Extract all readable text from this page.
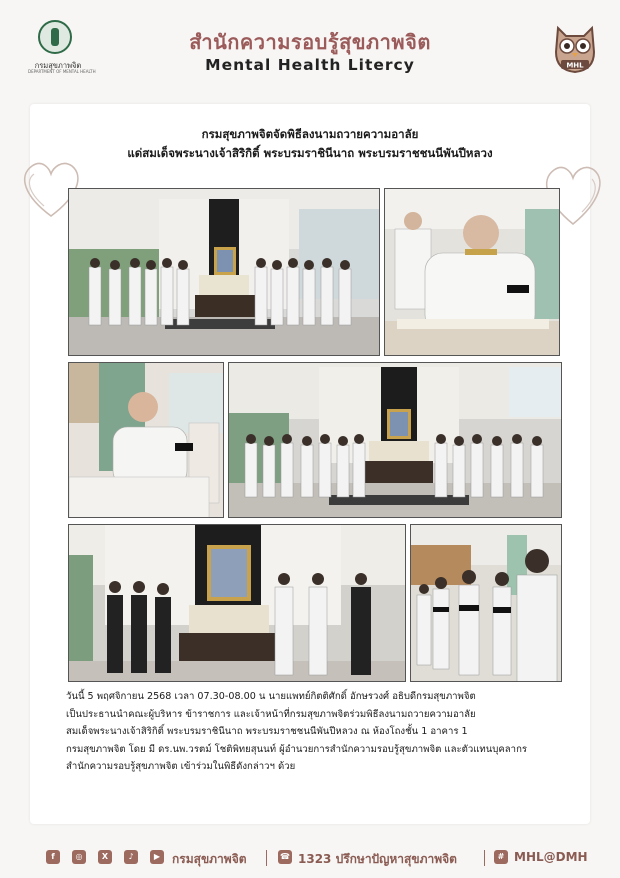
กรมสุขภาพจิต
DEPARTMENT OF MENTAL HEALTH
สำนักความรอบรู้สุขภาพจิต
Mental Health Litercy	MHL
กรมสุขภาพจิตจัดพิธีลงนามถวายความอาลัย
แด่สมเด็จพระนางเจ้าสิริกิติ์ พระบรมราชินีนาถ พระบรมราชชนนีพันปีหลวง
วันนี้ 5 พฤศจิกายน 2568 เวลา 07.30-08.00 น นายแพทย์กิตติศักดิ์ อักษรวงศ์ อธิบดีกรมสุขภาพจิต
เป็นประธานนำคณะผู้บริหาร ข้าราชการ และเจ้าหน้าที่กรมสุขภาพจิตร่วมพิธีลงนามถวายความอาลัย
สมเด็จพระนางเจ้าสิริกิติ์ พระบรมราชินีนาถ พระบรมราชชนนีพันปีหลวง ณ ห้องโถงชั้น 1 อาคาร 1
กรมสุขภาพจิต โดย มี ดร.นพ.วรตม์ โชติพิทยสุนนท์ ผู้อำนวยการสำนักความรอบรู้สุขภาพจิต และตัวแทนบุคลากร
สำนักความรอบรู้สุขภาพจิต เข้าร่วมในพิธีดังกล่าวฯ ด้วย
f	◎	X	♪	▶ กรมสุขภาพจิต	☎ 1323 ปรึกษาปัญหาสุขภาพจิต	# MHL@DMH
